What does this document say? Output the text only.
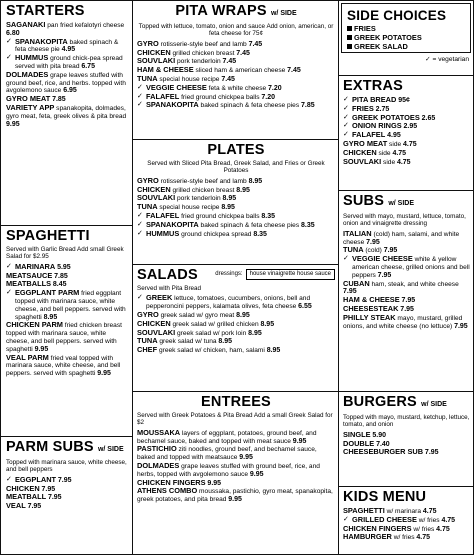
STARTERS
SAGANAKI pan fried kefalotyri cheese 6.80
✓ SPANAKOPITA baked spinach & feta cheese pie 4.95
✓ HUMMUS ground chick-pea spread served with pita bread 6.75
DOLMADES grape leaves stuffed with ground beef, rice, and herbs. topped with avgolemono sauce 6.95
GYRO MEAT 7.85
VARIETY APP spanakopita, dolmades, gyro meat, feta, greek olives & pita bread 9.95
SPAGHETTI
Served with Garlic Bread Add small Greek Salad for $2.95
✓ MARINARA 5.95
MEATSAUCE 7.85
MEATBALLS 8.45
✓ EGGPLANT PARM fried eggplant topped with marinara sauce, white cheese, and bell peppers. served with spaghetti 8.95
CHICKEN PARM fried chicken breast topped with marinara sauce, white cheese, and bell peppers. served with spaghetti 9.95
VEAL PARM fried veal topped with marinara sauce, white cheese, and bell peppers. served with spaghetti 9.95
PARM SUBS w/ SIDE
Topped with marinara sauce, white cheese, and bell peppers
✓ EGGPLANT 7.95
CHICKEN 7.95
MEATBALL 7.95
VEAL 7.95
PITA WRAPS w/ SIDE
Topped with lettuce, tomato, onion and sauce Add onion, american, or feta cheese for 75¢
GYRO rotisserie-style beef and lamb 7.45
CHICKEN grilled chicken breast 7.45
SOUVLAKI pork tenderloin 7.45
HAM & CHEESE sliced ham & american cheese 7.45
TUNA special house recipe 7.45
✓ VEGGIE CHEESE feta & white cheese 7.20
✓ FALAFEL fried ground chickpea balls 7.20
✓ SPANAKOPITA baked spinach & feta cheese pies 7.85
PLATES
Served with Sliced Pita Bread, Greek Salad, and Fries or Greek Potatoes
GYRO rotisserie-style beef and lamb 8.95
CHICKEN grilled chicken breast 8.95
SOUVLAKI pork tenderloin 8.95
TUNA special house recipe 8.95
✓ FALAFEL fried ground chickpea balls 8.35
✓ SPANAKOPITA baked spinach & feta cheese pies 8.35
✓ HUMMUS ground chickpea spread 8.35
SALADS	dressings:	house vinaigrette house sauce
Served with Pita Bread
✓ GREEK lettuce, tomatoes, cucumbers, onions, bell and pepperoncini peppers, kalamata olives, feta cheese 6.55
GYRO greek salad w/ gyro meat 8.95
CHICKEN greek salad w/ grilled chicken 8.95
SOUVLAKI greek salad w/ pork loin 8.95
TUNA greek salad w/ tuna 8.95
CHEF greek salad w/ chicken, ham, salami 8.95
ENTREES
Served with Greek Potatoes & Pita Bread Add a small Greek Salad for $2
MOUSSAKA layers of eggplant, potatoes, ground beef, and bechamel sauce, baked and topped with meat sauce 9.95
PASTICHIO ziti noodles, ground beef, and bechamel sauce, baked and topped with meatsauce 9.95
DOLMADES grape leaves stuffed with ground beef, rice, and herbs, topped with avgolemono sauce 9.95
CHICKEN FINGERS 9.95
ATHENS COMBO moussaka, pastichio, gyro meat, spanakopita, greek potatoes, and pita bread 9.95
SIDE CHOICES
FRIES
GREEK POTATOES
GREEK SALAD
✓ = vegetarian
EXTRAS
✓ PITA BREAD 95¢
✓ FRIES 2.75
✓ GREEK POTATOES 2.65
✓ ONION RINGS 2.95
✓ FALAFEL 4.95
GYRO MEAT side 4.75
CHICKEN side 4.75
SOUVLAKI side 4.75
SUBS w/ SIDE
Served with mayo, mustard, lettuce, tomato, onion and vinaigrette dressing
ITALIAN (cold) ham, salami, and white cheese 7.95
TUNA (cold) 7.95
✓ VEGGIE CHEESE white & yellow american cheese, grilled onions and bell peppers 7.95
CUBAN ham, steak, and white cheese 7.95
HAM & CHEESE 7.95
CHEESESTEAK 7.95
PHILLY STEAK mayo, mustard, grilled onions, and white cheese (no lettuce) 7.95
BURGERS w/ SIDE
Topped with mayo, mustard, ketchup, lettuce, tomato, and onion
SINGLE 5.90
DOUBLE 7.40
CHEESEBURGER SUB 7.95
KIDS MENU
SPAGHETTI w/ marinara 4.75
✓ GRILLED CHEESE w/ fries 4.75
CHICKEN FINGERS w/ fries 4.75
HAMBURGER w/ fries 4.75
